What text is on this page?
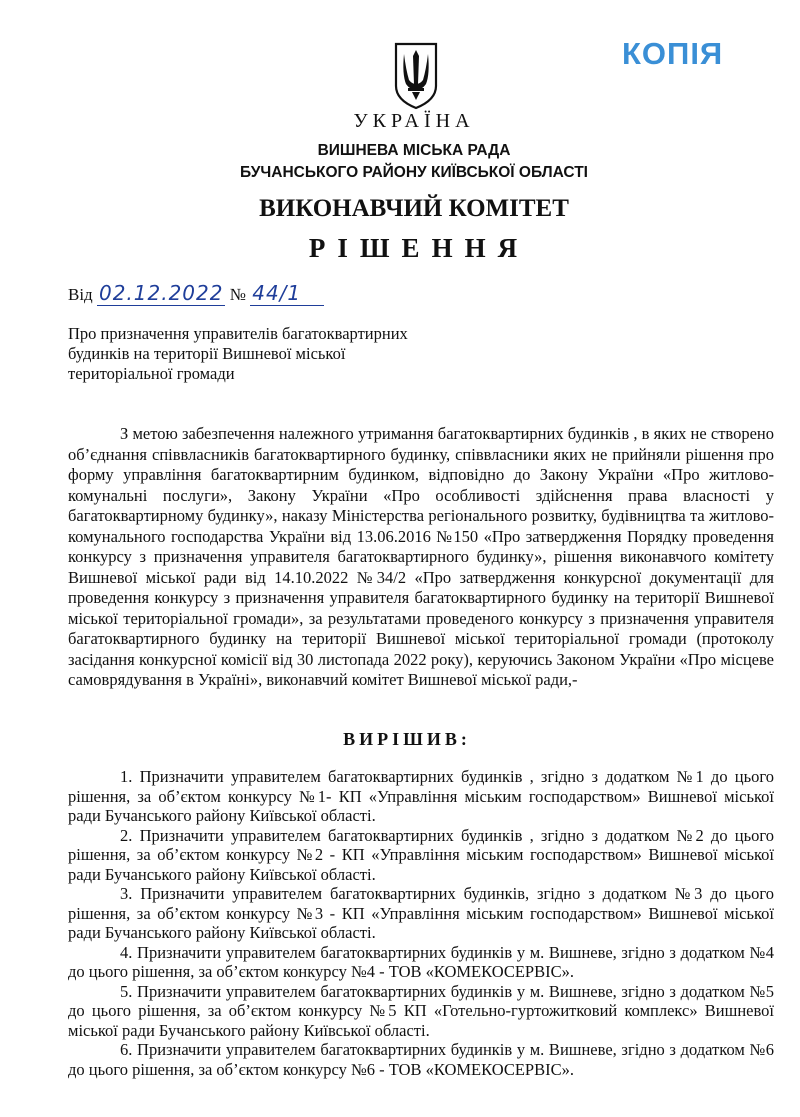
КОПІЯ
УКРАЇНА
ВИШНЕВА МІСЬКА РАДА
БУЧАНСЬКОГО РАЙОНУ КИЇВСЬКОЇ ОБЛАСТІ
ВИКОНАВЧИЙ КОМІТЕТ
РІШЕННЯ
Від 02.12.2022 № 44/1
Про призначення управителів багатоквартирних
будинків на території Вишневої міської
територіальної громади

З метою забезпечення належного утримання багатоквартирних будинків , в яких не створено об’єднання співвласників багатоквартирного будинку, співвласники яких не прийняли рішення про форму управління багатоквартирним будинком, відповідно до Закону України «Про житлово-комунальні послуги», Закону України «Про особливості здійснення права власності у багатоквартирному будинку», наказу Міністерства регіонального розвитку, будівництва та житлово-комунального господарства України від 13.06.2016 №150 «Про затвердження Порядку проведення конкурсу з призначення управителя багатоквартирного будинку», рішення виконавчого комітету Вишневої міської ради від 14.10.2022 №34/2 «Про затвердження конкурсної документації для проведення конкурсу з призначення управителя багатоквартирного будинку на території Вишневої міської територіальної громади», за результатами проведеного конкурсу з призначення управителя багатоквартирного будинку на території Вишневої міської територіальної громади (протоколу засідання конкурсної комісії від 30 листопада 2022 року), керуючись Законом України «Про місцеве самоврядування в Україні», виконавчий комітет Вишневої міської ради,-

ВИРІШИВ:

1. Призначити управителем багатоквартирних будинків , згідно з додатком №1 до цього рішення, за об’єктом конкурсу №1- КП «Управління міським господарством» Вишневої міської ради Бучанського району Київської області.

2. Призначити управителем багатоквартирних будинків , згідно з додатком №2 до цього рішення, за об’єктом конкурсу №2 - КП «Управління міським господарством» Вишневої міської ради Бучанського району Київської області.

3. Призначити управителем багатоквартирних будинків, згідно з додатком №3 до цього рішення, за об’єктом конкурсу №3 - КП «Управління міським господарством» Вишневої міської ради Бучанського району Київської області.

4. Призначити управителем багатоквартирних будинків у м. Вишневе, згідно з додатком №4 до цього рішення, за об’єктом конкурсу №4 - ТОВ «КОМЕКОСЕРВІС».

5. Призначити управителем багатоквартирних будинків у м. Вишневе, згідно з додатком №5 до цього рішення, за об’єктом конкурсу №5 КП «Готельно-гуртожитковий комплекс» Вишневої міської ради Бучанського району Київської області.

6. Призначити управителем багатоквартирних будинків у м. Вишневе, згідно з додатком №6 до цього рішення, за об’єктом конкурсу №6 - ТОВ «КОМЕКОСЕРВІС».
